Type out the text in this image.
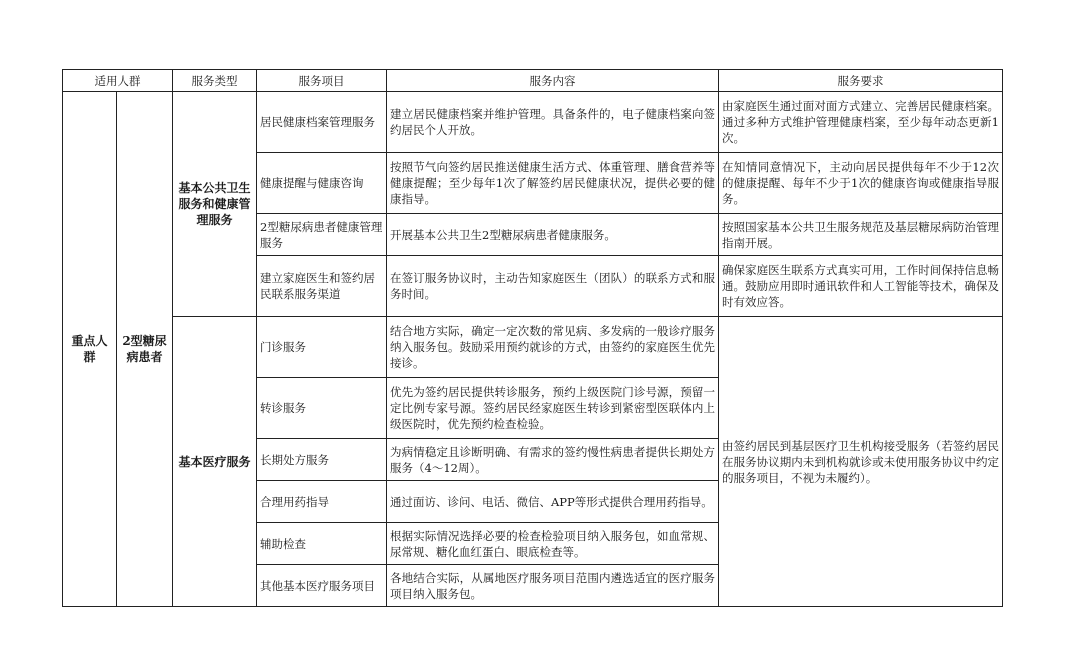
适用人群		服务类型	服务项目	服务内容	服务要求
重点人群	2型糖尿病患者	基本公共卫生服务和健康管理服务	居民健康档案管理服务	建立居民健康档案并维护管理。具备条件的，电子健康档案向签约居民个人开放。	由家庭医生通过面对面方式建立、完善居民健康档案。通过多种方式维护管理健康档案，至少每年动态更新1次。
			健康提醒与健康咨询	按照节气向签约居民推送健康生活方式、体重管理、膳食营养等健康提醒；至少每年1次了解签约居民健康状况，提供必要的健康指导。	在知情同意情况下，主动向居民提供每年不少于12次的健康提醒、每年不少于1次的健康咨询或健康指导服务。
			2型糖尿病患者健康管理服务	开展基本公共卫生2型糖尿病患者健康服务。	按照国家基本公共卫生服务规范及基层糖尿病防治管理指南开展。
			建立家庭医生和签约居民联系服务渠道	在签订服务协议时，主动告知家庭医生（团队）的联系方式和服务时间。	确保家庭医生联系方式真实可用，工作时间保持信息畅通。鼓励应用即时通讯软件和人工智能等技术，确保及时有效应答。
		基本医疗服务	门诊服务	结合地方实际，确定一定次数的常见病、多发病的一般诊疗服务纳入服务包。鼓励采用预约就诊的方式，由签约的家庭医生优先接诊。	由签约居民到基层医疗卫生机构接受服务（若签约居民在服务协议期内未到机构就诊或未使用服务协议中约定的服务项目，不视为未履约）。
			转诊服务	优先为签约居民提供转诊服务，预约上级医院门诊号源，预留一定比例专家号源。签约居民经家庭医生转诊到紧密型医联体内上级医院时，优先预约检查检验。	
			长期处方服务	为病情稳定且诊断明确、有需求的签约慢性病患者提供长期处方服务（4～12周）。	
			合理用药指导	通过面访、诊问、电话、微信、APP等形式提供合理用药指导。	
			辅助检查	根据实际情况选择必要的检查检验项目纳入服务包，如血常规、尿常规、糖化血红蛋白、眼底检查等。	
			其他基本医疗服务项目	各地结合实际，从属地医疗服务项目范围内遴选适宜的医疗服务项目纳入服务包。	
